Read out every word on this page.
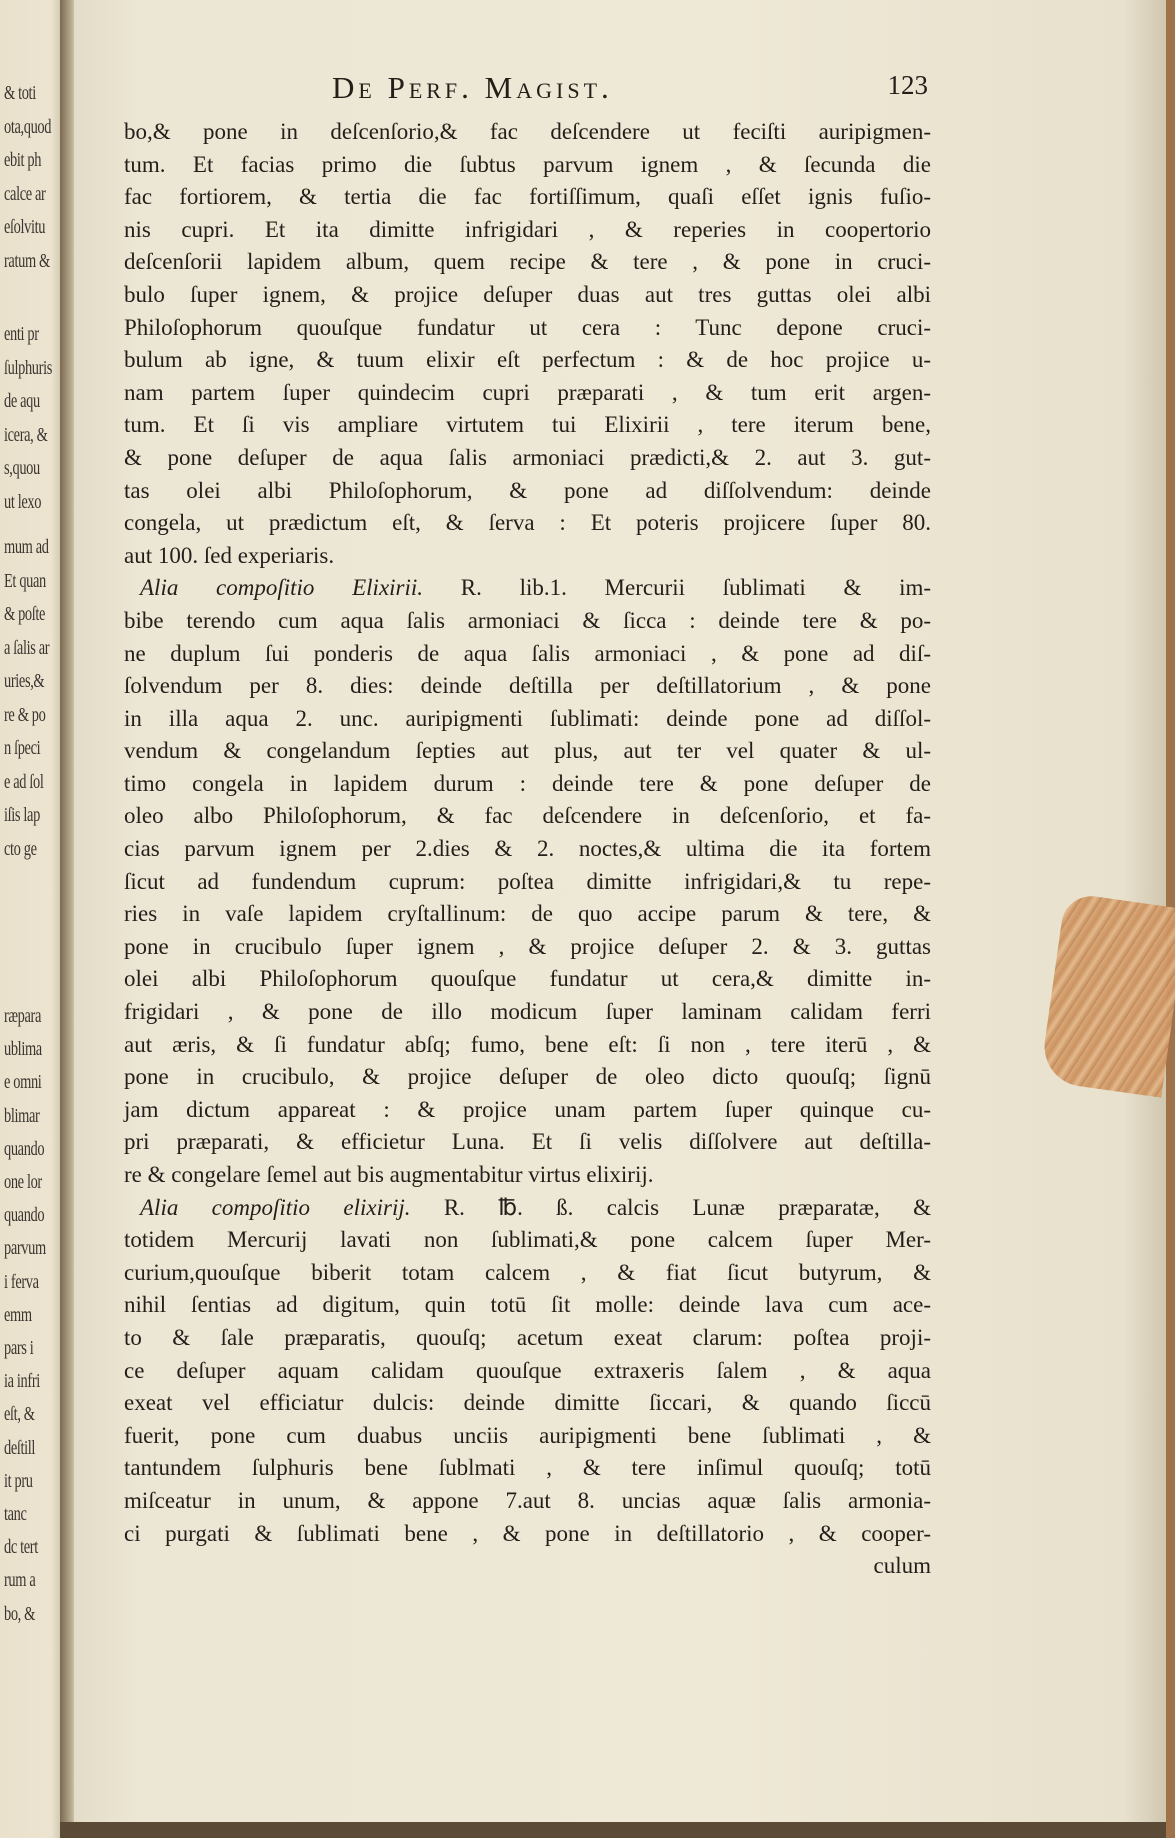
& toti
ota,quod
ebit ph
calce ar
eſolvitu
ratum &
enti pr
ſulphuris
de aqu
icera, &
s,quou
ut lexo
mum ad
Et quan
& poſte
a ſalis ar
uries,&
re & po
n ſpeci
e ad ſol
iſis lap
cto ge
ræpara
ublima
e omni
blimar
quando
one lor
quando
parvum
i ferva
emm
pars i
ia infri
eſt, &
deſtill
it pru
tanc
dc tert
rum a
bo, &
De Perf. Magist.	123
bo,& pone in deſcenſorio,& fac deſcendere ut feciſti auripigmen-
tum. Et facias primo die ſubtus parvum ignem , & ſecunda die
fac fortiorem, & tertia die fac fortiſſimum, quaſi eſſet ignis fuſio-
nis cupri. Et ita dimitte infrigidari , & reperies in coopertorio
deſcenſorii lapidem album, quem recipe & tere , & pone in cruci-
bulo ſuper ignem, & projice deſuper duas aut tres guttas olei albi
Philoſophorum quouſque fundatur ut cera : Tunc depone cruci-
bulum ab igne, & tuum elixir eſt perfectum : & de hoc projice u-
nam partem ſuper quindecim cupri præparati , & tum erit argen-
tum. Et ſi vis ampliare virtutem tui Elixirii , tere iterum bene,
& pone deſuper de aqua ſalis armoniaci prædicti,& 2. aut 3. gut-
tas olei albi Philoſophorum, & pone ad diſſolvendum: deinde
congela, ut prædictum eſt, & ſerva : Et poteris projicere ſuper 80.
aut 100. ſed experiaris.
Alia compoſitio Elixirii. R. lib.1. Mercurii ſublimati & im-
bibe terendo cum aqua ſalis armoniaci & ſicca : deinde tere & po-
ne duplum ſui ponderis de aqua ſalis armoniaci , & pone ad diſ-
ſolvendum per 8. dies: deinde deſtilla per deſtillatorium , & pone
in illa aqua 2. unc. auripigmenti ſublimati: deinde pone ad diſſol-
vendum & congelandum ſepties aut plus, aut ter vel quater & ul-
timo congela in lapidem durum : deinde tere & pone deſuper de
oleo albo Philoſophorum, & fac deſcendere in deſcenſorio, et fa-
cias parvum ignem per 2.dies & 2. noctes,& ultima die ita fortem
ſicut ad fundendum cuprum: poſtea dimitte infrigidari,& tu repe-
ries in vaſe lapidem cryſtallinum: de quo accipe parum & tere, &
pone in crucibulo ſuper ignem , & projice deſuper 2. & 3. guttas
olei albi Philoſophorum quouſque fundatur ut cera,& dimitte in-
frigidari , & pone de illo modicum ſuper laminam calidam ferri
aut æris, & ſi fundatur abſq; fumo, bene eſt: ſi non , tere iterū , &
pone in crucibulo, & projice deſuper de oleo dicto quouſq; ſignū
jam dictum appareat : & projice unam partem ſuper quinque cu-
pri præparati, & efficietur Luna. Et ſi velis diſſolvere aut deſtilla-
re & congelare ſemel aut bis augmentabitur virtus elixirij.
Alia compoſitio elixirij. R. ℔. ß. calcis Lunæ præparatæ, &
totidem Mercurij lavati non ſublimati,& pone calcem ſuper Mer-
curium,quouſque biberit totam calcem , & fiat ſicut butyrum, &
nihil ſentias ad digitum, quin totū ſit molle: deinde lava cum ace-
to & ſale præparatis, quouſq; acetum exeat clarum: poſtea proji-
ce deſuper aquam calidam quouſque extraxeris ſalem , & aqua
exeat vel efficiatur dulcis: deinde dimitte ſiccari, & quando ſiccū
fuerit, pone cum duabus unciis auripigmenti bene ſublimati , &
tantundem ſulphuris bene ſublmati , & tere inſimul quouſq; totū
miſceatur in unum, & appone 7.aut 8. uncias aquæ ſalis armonia-
ci purgati & ſublimati bene , & pone in deſtillatorio , & cooper-
culum
